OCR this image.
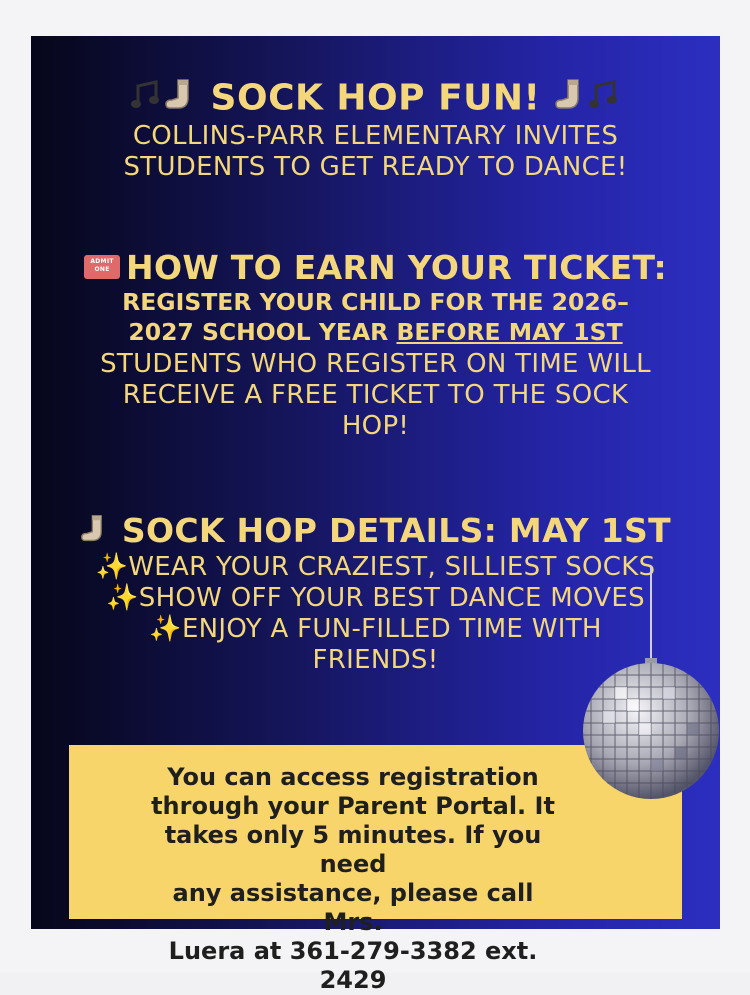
SOCK HOP FUN!
COLLINS-PARR ELEMENTARY INVITES
STUDENTS TO GET READY TO DANCE!
ADMIT ONEHOW TO EARN YOUR TICKET:
REGISTER YOUR CHILD FOR THE 2026–
2027 SCHOOL YEAR BEFORE MAY 1ST
STUDENTS WHO REGISTER ON TIME WILL
RECEIVE A FREE TICKET TO THE SOCK
HOP!
SOCK HOP DETAILS: MAY 1ST
✨WEAR YOUR CRAZIEST, SILLIEST SOCKS
✨SHOW OFF YOUR BEST DANCE MOVES
✨ENJOY A FUN-FILLED TIME WITH
FRIENDS!
You can access registration
through your Parent Portal. It
takes only 5 minutes. If you need
any assistance, please call Mrs.
Luera at 361-279-3382 ext. 2429
